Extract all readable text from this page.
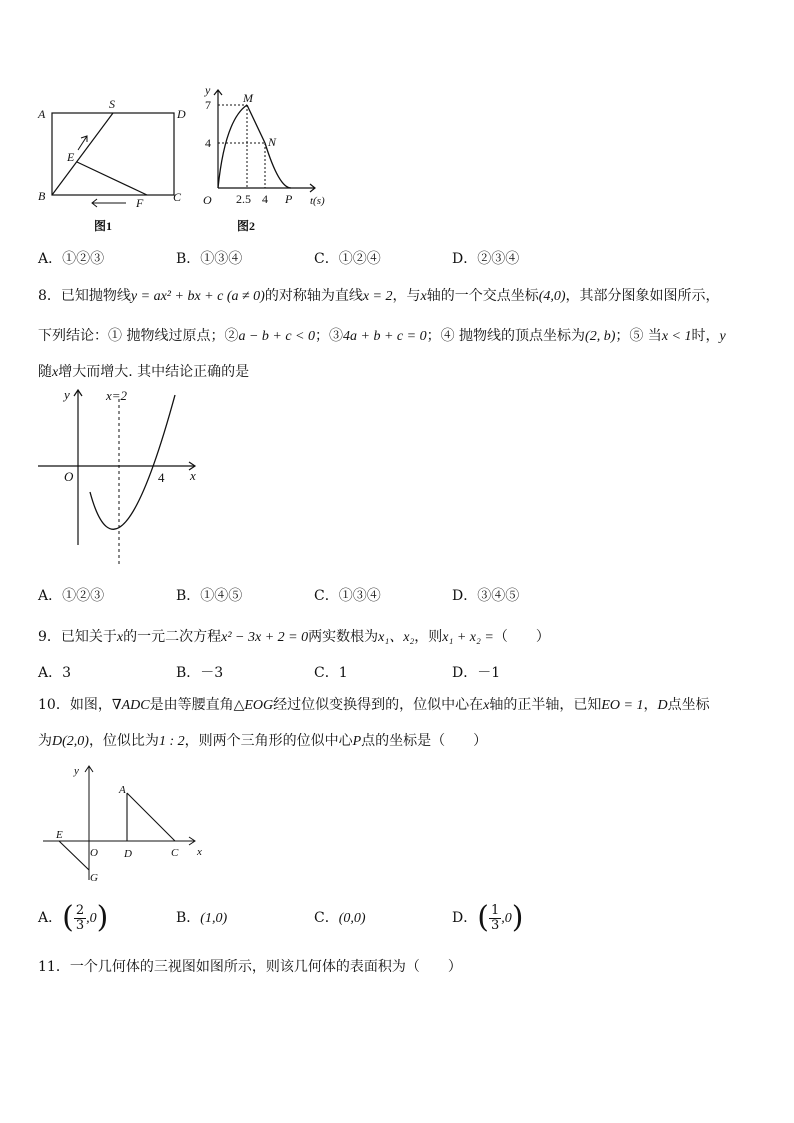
A
S
D
E
B	F C
图1
y
M
N
7
4
O 2.5 4 P t(s)
图2
A．①②③	B．①③④	C．①②④	D．②③④
8．已知抛物线y = ax² + bx + c (a ≠ 0)的对称轴为直线x = 2，与x轴的一个交点坐标(4,0)，其部分图象如图所示，
下列结论：① 抛物线过原点；②a − b + c < 0；③4a + b + c = 0；④ 抛物线的顶点坐标为(2, b)；⑤ 当x < 1时，y
随x增大而增大. 其中结论正确的是
y	x=2
O	4 x
A．①②③	B．①④⑤	C．①③④	D．③④⑤
9．已知关于x的一元二次方程x² − 3x + 2 = 0两实数根为x₁、x₂，则x₁ + x₂ =（　　）
A．3	B．－3	C．1	D．－1
10．如图，∇ADC是由等腰直角△EOG经过位似变换得到的，位似中心在x轴的正半轴，已知EO = 1，D点坐标
为D(2,0)，位似比为1 : 2，则两个三角形的位似中心P点的坐标是（　　）
y
A
E
O D	C x
G
A．( $\frac{2}{3} ,0$)	B．(1,0)	C．(0,0)	D．( $\frac{1}{3} ,0$)
11．一个几何体的三视图如图所示，则该几何体的表面积为（　　）
